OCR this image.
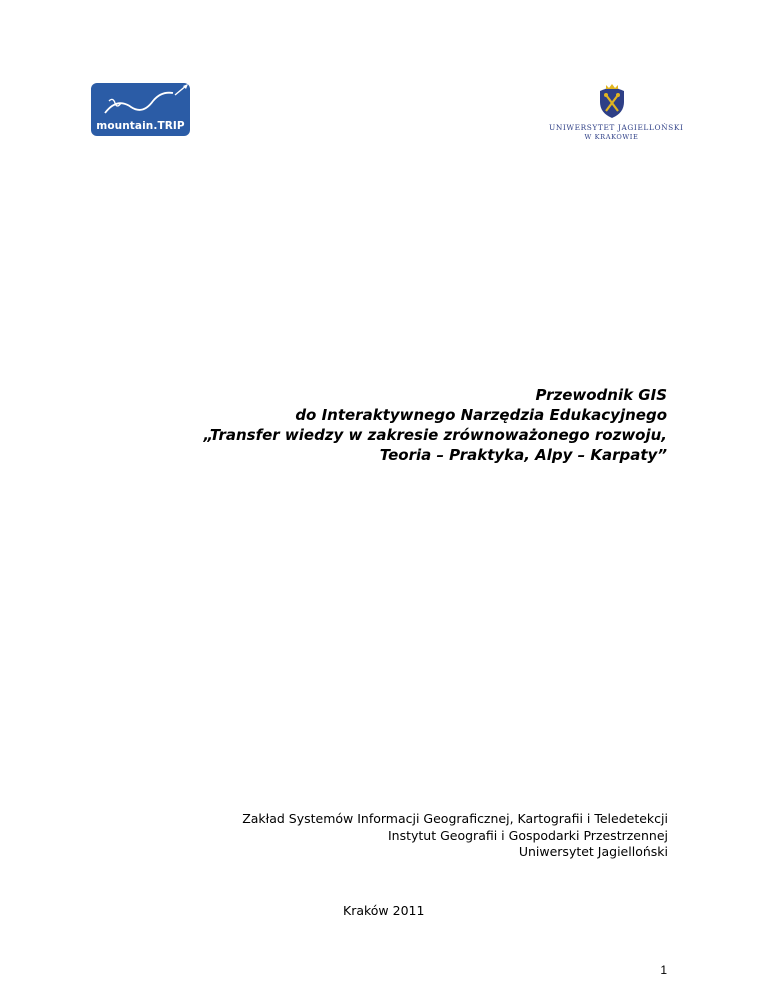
mountain.TRIP	UNIWERSYTET JAGIELLOŃSKI
W KRAKOWIE
Przewodnik GIS
do Interaktywnego Narzędzia Edukacyjnego
„Transfer wiedzy w zakresie zrównoważonego rozwoju,
Teoria – Praktyka, Alpy – Karpaty”
Zakład Systemów Informacji Geograficznej, Kartografii i Teledetekcji
Instytut Geografii i Gospodarki Przestrzennej
Uniwersytet Jagielloński
Kraków 2011
1
